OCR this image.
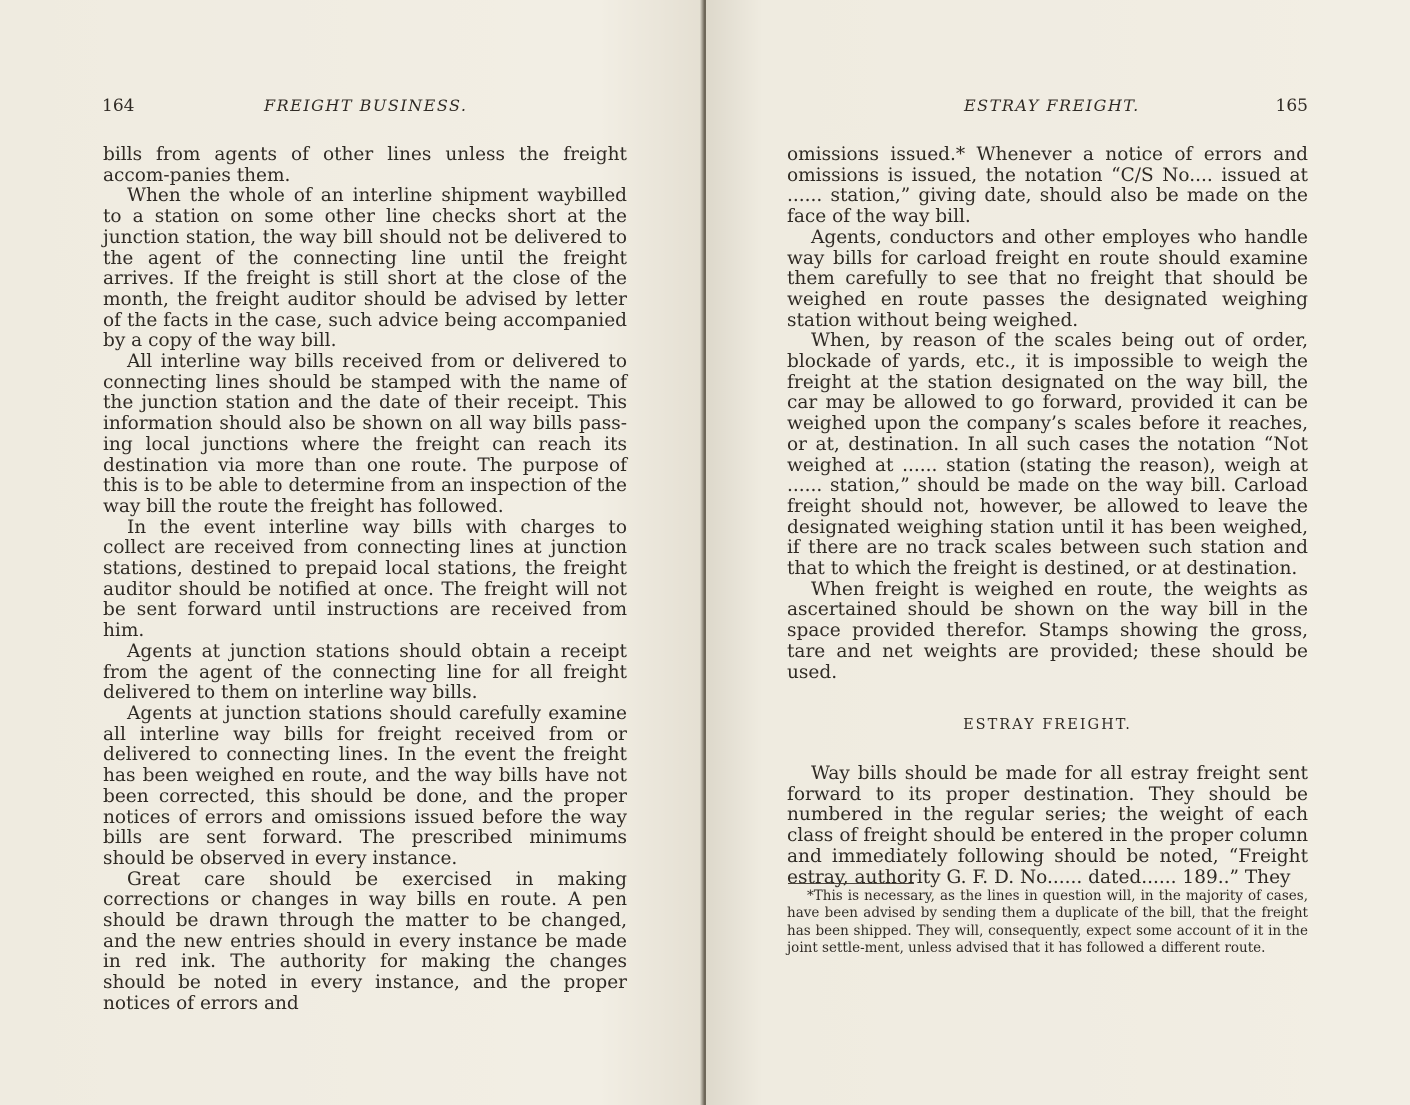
164	FREIGHT BUSINESS.

bills from agents of other lines unless the freight accom-panies them.

When the whole of an interline shipment waybilled to a station on some other line checks short at the junction station, the way bill should not be delivered to the agent of the connecting line until the freight arrives. If the freight is still short at the close of the month, the freight auditor should be advised by letter of the facts in the case, such advice being accompanied by a copy of the way bill.

All interline way bills received from or delivered to connecting lines should be stamped with the name of the junction station and the date of their receipt. This information should also be shown on all way bills pass-ing local junctions where the freight can reach its destination via more than one route. The purpose of this is to be able to determine from an inspection of the way bill the route the freight has followed.

In the event interline way bills with charges to collect are received from connecting lines at junction stations, destined to prepaid local stations, the freight auditor should be notified at once. The freight will not be sent forward until instructions are received from him.

Agents at junction stations should obtain a receipt from the agent of the connecting line for all freight delivered to them on interline way bills.

Agents at junction stations should carefully examine all interline way bills for freight received from or delivered to connecting lines. In the event the freight has been weighed en route, and the way bills have not been corrected, this should be done, and the proper notices of errors and omissions issued before the way bills are sent forward. The prescribed minimums should be observed in every instance.

Great care should be exercised in making corrections or changes in way bills en route. A pen should be drawn through the matter to be changed, and the new entries should in every instance be made in red ink. The authority for making the changes should be noted in every instance, and the proper notices of errors and

ESTRAY FREIGHT.	165

omissions issued.* Whenever a notice of errors and omissions is issued, the notation “C/S No.... issued at ...... station,” giving date, should also be made on the face of the way bill.

Agents, conductors and other employes who handle way bills for carload freight en route should examine them carefully to see that no freight that should be weighed en route passes the designated weighing station without being weighed.

When, by reason of the scales being out of order, blockade of yards, etc., it is impossible to weigh the freight at the station designated on the way bill, the car may be allowed to go forward, provided it can be weighed upon the company’s scales before it reaches, or at, destination. In all such cases the notation “Not weighed at ...... station (stating the reason), weigh at ...... station,” should be made on the way bill. Carload freight should not, however, be allowed to leave the designated weighing station until it has been weighed, if there are no track scales between such station and that to which the freight is destined, or at destination.

When freight is weighed en route, the weights as ascertained should be shown on the way bill in the space provided therefor. Stamps showing the gross, tare and net weights are provided; these should be used.

ESTRAY FREIGHT.

Way bills should be made for all estray freight sent forward to its proper destination. They should be numbered in the regular series; the weight of each class of freight should be entered in the proper column and immediately following should be noted, “Freight estray, authority G. F. D. No...... dated...... 189..” They

*This is necessary, as the lines in question will, in the majority of cases, have been advised by sending them a duplicate of the bill, that the freight has been shipped. They will, consequently, expect some account of it in the joint settle-ment, unless advised that it has followed a different route.
